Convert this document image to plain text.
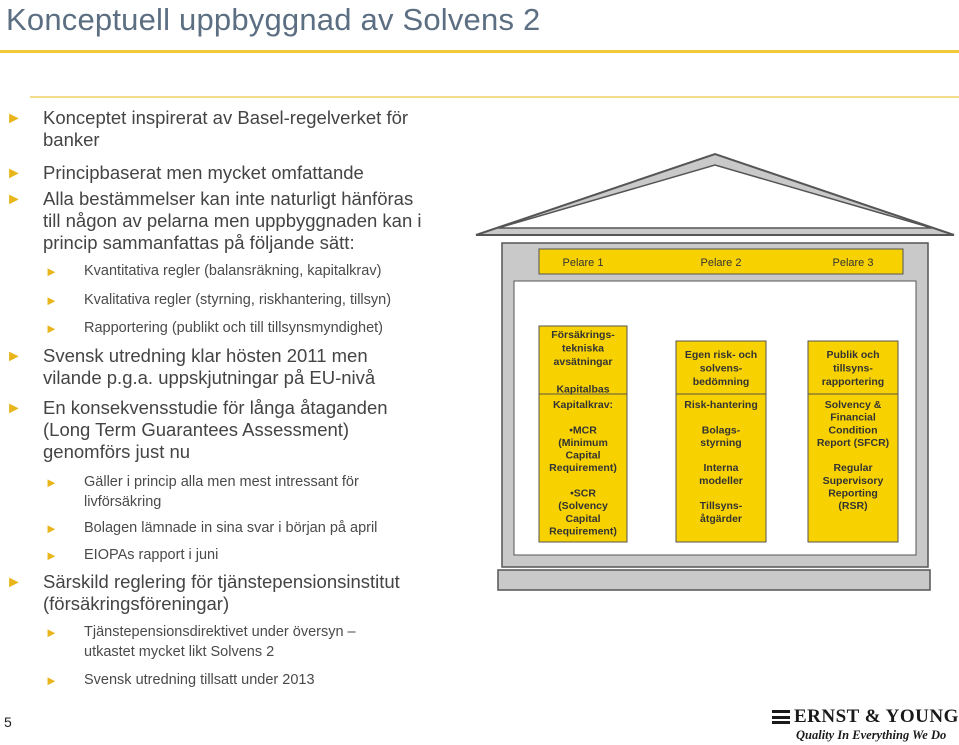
Konceptuell uppbyggnad av Solvens 2
► Konceptet inspirerat av Basel-regelverket för
banker
► Principbaserat men mycket omfattande
► Alla bestämmelser kan inte naturligt hänföras
till någon av pelarna men uppbyggnaden kan i
princip sammanfattas på följande sätt:
► Kvantitativa regler (balansräkning, kapitalkrav)
► Kvalitativa regler (styrning, riskhantering, tillsyn)
► Rapportering (publikt och till tillsynsmyndighet)
► Svensk utredning klar hösten 2011 men
vilande p.g.a. uppskjutningar på EU-nivå
► En konsekvensstudie för långa åtaganden
(Long Term Guarantees Assessment)
genomförs just nu
► Gäller i princip alla men mest intressant för
livförsäkring
► Bolagen lämnade in sina svar i början på april
► EIOPAs rapport i juni
► Särskild reglering för tjänstepensionsinstitut
(försäkringsföreningar)
► Tjänstepensionsdirektivet under översyn –
utkastet mycket likt Solvens 2
► Svensk utredning tillsatt under 2013
Pelare 1	Pelare 2	Pelare 3
Försäkrings-
tekniska
avsätningar
Kapitalbas
Kapitalkrav:
•MCR
(Minimum
Capital
Requirement)
•SCR
(Solvency
Capital
Requirement)
Egen risk- och
solvens-
bedömning
Risk-hantering
Bolags-
styrning
Interna
modeller
Tillsyns-
åtgärder
Publik och
tillsyns-
rapportering
Solvency &
Financial
Condition
Report (SFCR)
Regular
Supervisory
Reporting
(RSR)
5	ERNST & YOUNG
Quality In Everything We Do
